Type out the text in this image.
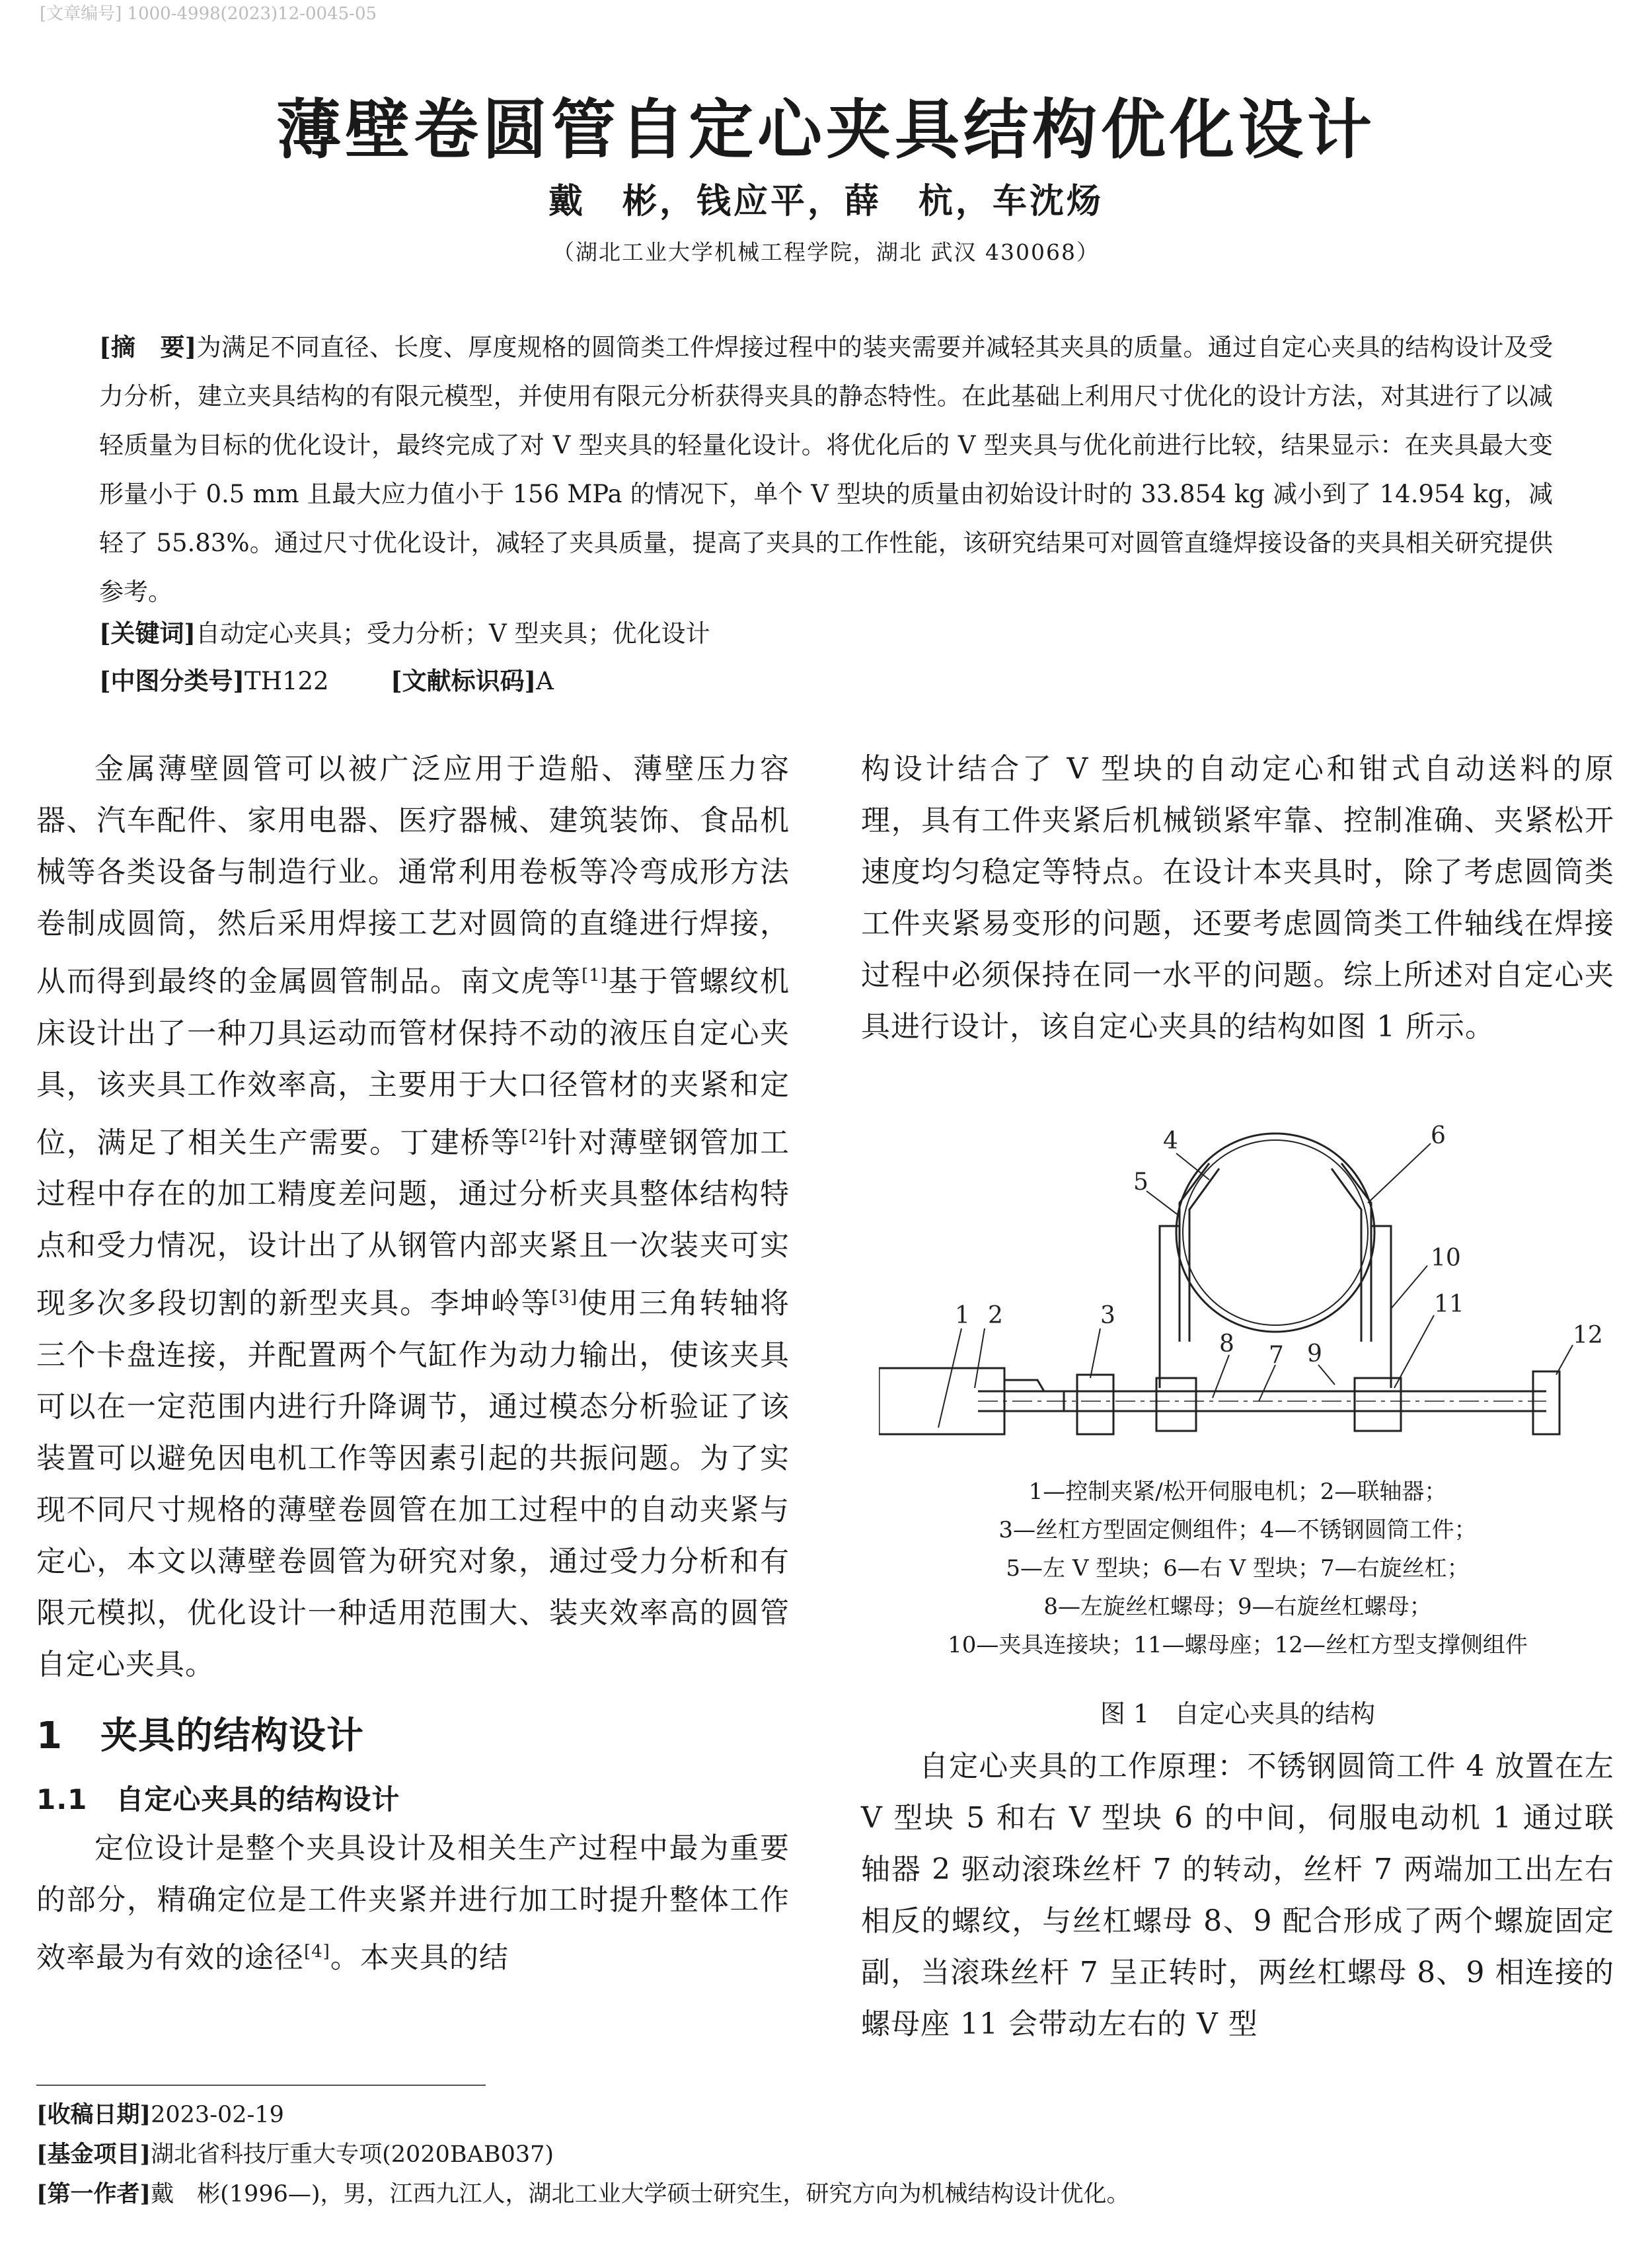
[文章编号] 1000-4998(2023)12-0045-05
薄壁卷圆管自定心夹具结构优化设计
戴　彬，钱应平，薛　杭，车沈炀
（湖北工业大学机械工程学院，湖北 武汉 430068）
[摘　要]为满足不同直径、长度、厚度规格的圆筒类工件焊接过程中的装夹需要并减轻其夹具的质量。通过自定心夹具的结构设计及受力分析，建立夹具结构的有限元模型，并使用有限元分析获得夹具的静态特性。在此基础上利用尺寸优化的设计方法，对其进行了以减轻质量为目标的优化设计，最终完成了对 V 型夹具的轻量化设计。将优化后的 V 型夹具与优化前进行比较，结果显示：在夹具最大变形量小于 0.5 mm 且最大应力值小于 156 MPa 的情况下，单个 V 型块的质量由初始设计时的 33.854 kg 减小到了 14.954 kg，减轻了 55.83%。通过尺寸优化设计，减轻了夹具质量，提高了夹具的工作性能，该研究结果可对圆管直缝焊接设备的夹具相关研究提供参考。
[关键词]自动定心夹具；受力分析；V 型夹具；优化设计
[中图分类号]TH122	[文献标识码]A

金属薄壁圆管可以被广泛应用于造船、薄壁压力容器、汽车配件、家用电器、医疗器械、建筑装饰、食品机械等各类设备与制造行业。通常利用卷板等冷弯成形方法卷制成圆筒，然后采用焊接工艺对圆筒的直缝进行焊接，从而得到最终的金属圆管制品。南文虎等[1]基于管螺纹机床设计出了一种刀具运动而管材保持不动的液压自定心夹具，该夹具工作效率高，主要用于大口径管材的夹紧和定位，满足了相关生产需要。丁建桥等[2]针对薄壁钢管加工过程中存在的加工精度差问题，通过分析夹具整体结构特点和受力情况，设计出了从钢管内部夹紧且一次装夹可实现多次多段切割的新型夹具。李坤岭等[3]使用三角转轴将三个卡盘连接，并配置两个气缸作为动力输出，使该夹具可以在一定范围内进行升降调节，通过模态分析验证了该装置可以避免因电机工作等因素引起的共振问题。为了实现不同尺寸规格的薄壁卷圆管在加工过程中的自动夹紧与定心，本文以薄壁卷圆管为研究对象，通过受力分析和有限元模拟，优化设计一种适用范围大、装夹效率高的圆管自定心夹具。

1　夹具的结构设计
1.1　自定心夹具的结构设计

定位设计是整个夹具设计及相关生产过程中最为重要的部分，精确定位是工件夹紧并进行加工时提升整体工作效率最为有效的途径[4]。本夹具的结

构设计结合了 V 型块的自动定心和钳式自动送料的原理，具有工件夹紧后机械锁紧牢靠、控制准确、夹紧松开速度均匀稳定等特点。在设计本夹具时，除了考虑圆筒类工件夹紧易变形的问题，还要考虑圆筒类工件轴线在焊接过程中必须保持在同一水平的问题。综上所述对自定心夹具进行设计，该自定心夹具的结构如图 1 所示。

1 2	3
4
5
6
7
8	9
10
11
12
1—控制夹紧/松开伺服电机；2—联轴器；
3—丝杠方型固定侧组件；4—不锈钢圆筒工件；
5—左 V 型块；6—右 V 型块；7—右旋丝杠；
8—左旋丝杠螺母；9—右旋丝杠螺母；
10—夹具连接块；11—螺母座；12—丝杠方型支撑侧组件
图 1　自定心夹具的结构

自定心夹具的工作原理：不锈钢圆筒工件 4 放置在左 V 型块 5 和右 V 型块 6 的中间，伺服电动机 1 通过联轴器 2 驱动滚珠丝杆 7 的转动，丝杆 7 两端加工出左右相反的螺纹，与丝杠螺母 8、9 配合形成了两个螺旋固定副，当滚珠丝杆 7 呈正转时，两丝杠螺母 8、9 相连接的螺母座 11 会带动左右的 V 型

[收稿日期]2023-02-19
[基金项目]湖北省科技厅重大专项(2020BAB037)
[第一作者]戴　彬(1996—)，男，江西九江人，湖北工业大学硕士研究生，研究方向为机械结构设计优化。
